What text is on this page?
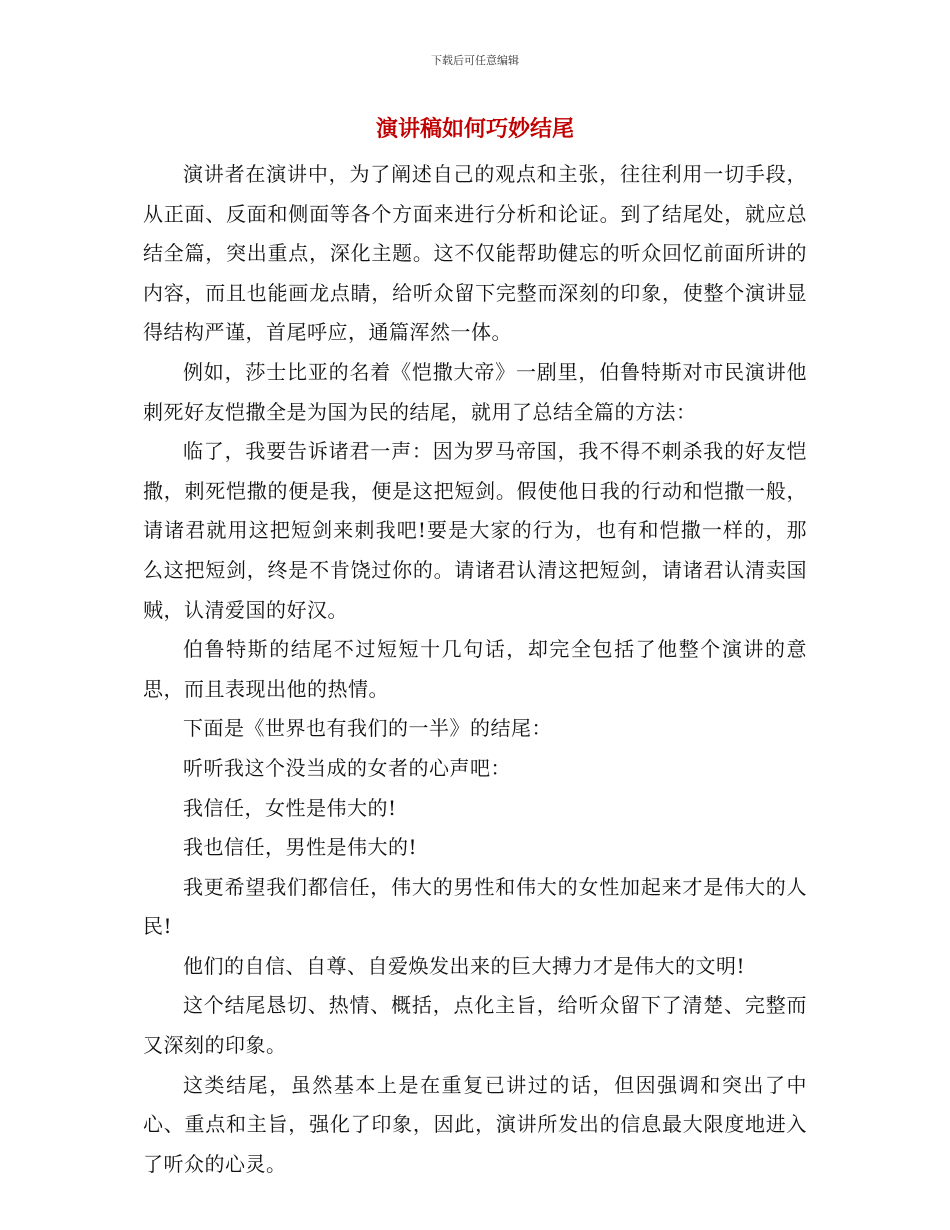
下载后可任意编辑
演讲稿如何巧妙结尾

演讲者在演讲中，为了阐述自己的观点和主张，往往利用一切手段，从正面、反面和侧面等各个方面来进行分析和论证。到了结尾处，就应总结全篇，突出重点，深化主题。这不仅能帮助健忘的听众回忆前面所讲的内容，而且也能画龙点睛，给听众留下完整而深刻的印象，使整个演讲显得结构严谨，首尾呼应，通篇浑然一体。

例如，莎士比亚的名着《恺撒大帝》一剧里，伯鲁特斯对市民演讲他刺死好友恺撒全是为国为民的结尾，就用了总结全篇的方法：

临了，我要告诉诸君一声：因为罗马帝国，我不得不刺杀我的好友恺撒，刺死恺撒的便是我，便是这把短剑。假使他日我的行动和恺撒一般，请诸君就用这把短剑来刺我吧!要是大家的行为，也有和恺撒一样的，那么这把短剑，终是不肯饶过你的。请诸君认清这把短剑，请诸君认清卖国贼，认清爱国的好汉。

伯鲁特斯的结尾不过短短十几句话，却完全包括了他整个演讲的意思，而且表现出他的热情。

下面是《世界也有我们的一半》的结尾：

听听我这个没当成的女者的心声吧：

我信任，女性是伟大的!

我也信任，男性是伟大的!

我更希望我们都信任，伟大的男性和伟大的女性加起来才是伟大的人民!

他们的自信、自尊、自爱焕发出来的巨大搏力才是伟大的文明!

这个结尾恳切、热情、概括，点化主旨，给听众留下了清楚、完整而又深刻的印象。

这类结尾，虽然基本上是在重复已讲过的话，但因强调和突出了中心、重点和主旨，强化了印象，因此，演讲所发出的信息最大限度地进入了听众的心灵。
